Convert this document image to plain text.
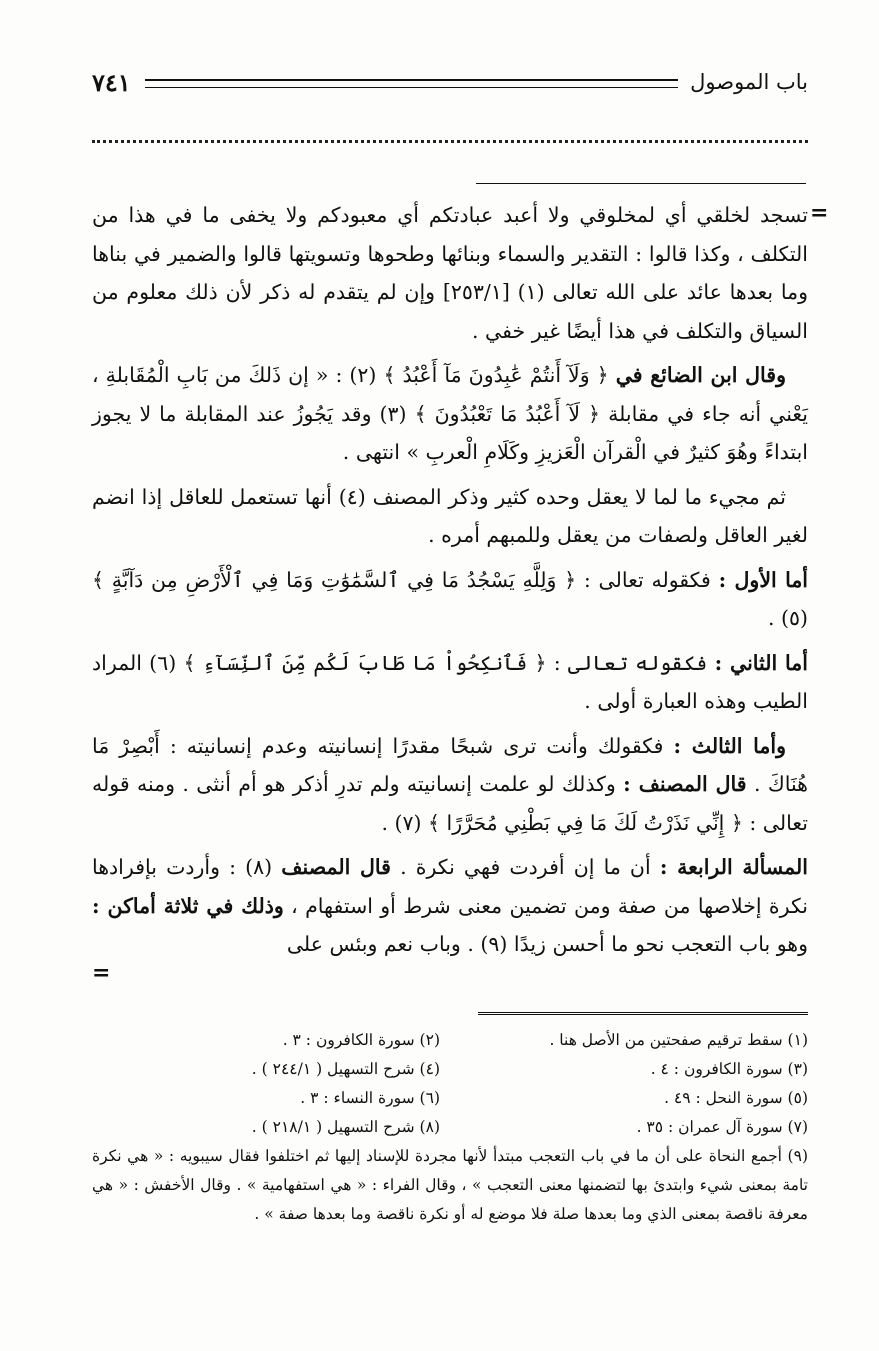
باب الموصول
٧٤١
=

تسجد لخلقي أي لمخلوقي ولا أعبد عبادتكم أي معبودكم ولا يخفى ما في هذا من التكلف ، وكذا قالوا : التقدير والسماء وبنائها وطحوها وتسويتها قالوا والضمير في بناها وما بعدها عائد على الله تعالى (١) [٢٥٣/١] وإن لم يتقدم له ذكر لأن ذلك معلوم من السياق والتكلف في هذا أيضًا غير خفي .

وقال ابن الضائع في ﴿ وَلَآ أَنتُمْ عَٰبِدُونَ مَآ أَعْبُدُ ﴾ (٢) : « إن ذَلكَ من بَابِ الْمُقَابلةِ ، يَعْني أنه جاء في مقابلة ﴿ لَآ أَعْبُدُ مَا تَعْبُدُونَ ﴾ (٣) وقد يَجُوزُ عند المقابلة ما لا يجوز ابتداءً وهُوَ كثيرٌ في الْقرآن الْعَزيزِ وكَلَامِ الْعربِ » انتهى .

ثم مجيء ما لما لا يعقل وحده كثير وذكر المصنف (٤) أنها تستعمل للعاقل إذا انضم لغير العاقل ولصفات من يعقل وللمبهم أمره .

أما الأول : فكقوله تعالى : ﴿ وَلِلَّهِ يَسْجُدُ مَا فِي ٱلسَّمَٰوَٰتِ وَمَا فِي ٱلْأَرْضِ مِن دَآبَّةٍ ﴾ (٥) .

أما الثاني : فكقوله تعالى : ﴿ فَٱنكِحُواْ مَا طَابَ لَكُم مِّنَ ٱلنِّسَآءِ ﴾ (٦) المراد الطيب وهذه العبارة أولى .

وأما الثالث : فكقولك وأنت ترى شبحًا مقدرًا إنسانيته وعدم إنسانيته : أَبْصِرْ مَا هُنَاكَ . قال المصنف : وكذلك لو علمت إنسانيته ولم تدرِ أذكر هو أم أنثى . ومنه قوله تعالى : ﴿ إِنِّي نَذَرْتُ لَكَ مَا فِي بَطْنِي مُحَرَّرًا ﴾ (٧) .

المسألة الرابعة : أن ما إن أفردت فهي نكرة . قال المصنف (٨) : وأردت بإفرادها نكرة إخلاصها من صفة ومن تضمين معنى شرط أو استفهام ، وذلك في ثلاثة أماكن : وهو باب التعجب نحو ما أحسن زيدًا (٩) . وباب نعم وبئس على

=
(١) سقط ترقيم صفحتين من الأصل هنا .
(٢) سورة الكافرون : ٣ .
(٣) سورة الكافرون : ٤ .
(٤) شرح التسهيل ( ٢٤٤/١ ) .
(٥) سورة النحل : ٤٩ .
(٦) سورة النساء : ٣ .
(٧) سورة آل عمران : ٣٥ .
(٨) شرح التسهيل ( ٢١٨/١ ) .
(٩) أجمع النحاة على أن ما في باب التعجب مبتدأ لأنها مجردة للإسناد إليها ثم اختلفوا فقال سيبويه : « هي نكرة تامة بمعنى شيء وابتدئ بها لتضمنها معنى التعجب » ، وقال الفراء : « هي استفهامية » . وقال الأخفش : « هي معرفة ناقصة بمعنى الذي وما بعدها صلة فلا موضع له أو نكرة ناقصة وما بعدها صفة » .
